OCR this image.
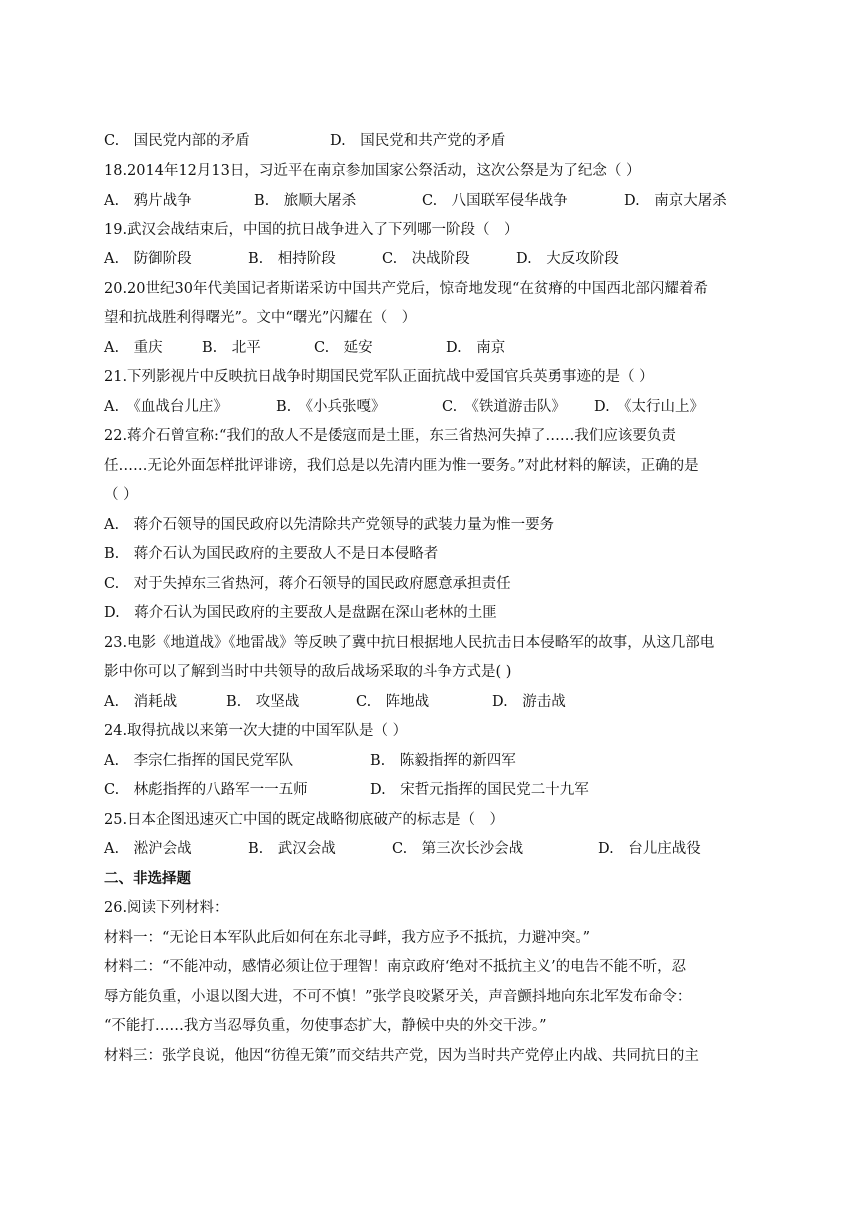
C.　国民党内部的矛盾	D.　国民党和共产党的矛盾
18.2014年12月13日，习近平在南京参加国家公祭活动，这次公祭是为了纪念（ ）
A.　鸦片战争	B.　旅顺大屠杀	C.　八国联军侵华战争	D.　南京大屠杀
19.武汉会战结束后，中国的抗日战争进入了下列哪一阶段（　）
A.　防御阶段	B.　相持阶段	C.　决战阶段	D.　大反攻阶段
20.20世纪30年代美国记者斯诺采访中国共产党后，惊奇地发现“在贫瘠的中国西北部闪耀着希
望和抗战胜利得曙光”。文中“曙光”闪耀在（　）
A.　重庆	B.　北平	C.　延安	D.　南京
21.下列影视片中反映抗日战争时期国民党军队正面抗战中爱国官兵英勇事迹的是（ ）
A.　《血战台儿庄》	B.　《小兵张嘎》	C.　《铁道游击队》 D.　《太行山上》
22.蒋介石曾宣称:“我们的敌人不是倭寇而是土匪，东三省热河失掉了……我们应该要负责
任……无论外面怎样批评诽谤，我们总是以先清内匪为惟一要务。”对此材料的解读，正确的是
（ ）
A.　蒋介石领导的国民政府以先清除共产党领导的武装力量为惟一要务
B.　蒋介石认为国民政府的主要敌人不是日本侵略者
C.　对于失掉东三省热河，蒋介石领导的国民政府愿意承担责任
D.　蒋介石认为国民政府的主要敌人是盘踞在深山老林的土匪
23.电影《地道战》《地雷战》等反映了冀中抗日根据地人民抗击日本侵略军的故事，从这几部电
影中你可以了解到当时中共领导的敌后战场采取的斗争方式是( )
A.　消耗战	B.　攻坚战	C.　阵地战	D.　游击战
24.取得抗战以来第一次大捷的中国军队是（ ）
A.　李宗仁指挥的国民党军队	B.　陈毅指挥的新四军
C.　林彪指挥的八路军一一五师	D.　宋哲元指挥的国民党二十九军
25.日本企图迅速灭亡中国的既定战略彻底破产的标志是（　）
A.　淞沪会战	B.　武汉会战	C.　第三次长沙会战	D.　台儿庄战役
二、非选择题
26.阅读下列材料：
材料一：“无论日本军队此后如何在东北寻衅，我方应予不抵抗，力避冲突。”
材料二：“不能冲动，感情必须让位于理智！南京政府‘绝对不抵抗主义’的电告不能不听，忍
辱方能负重，小退以图大进，不可不慎！”张学良咬紧牙关，声音颤抖地向东北军发布命令：
“不能打……我方当忍辱负重，勿使事态扩大，静候中央的外交干涉。”
材料三：张学良说，他因“彷徨无策”而交结共产党，因为当时共产党停止内战、共同抗日的主
